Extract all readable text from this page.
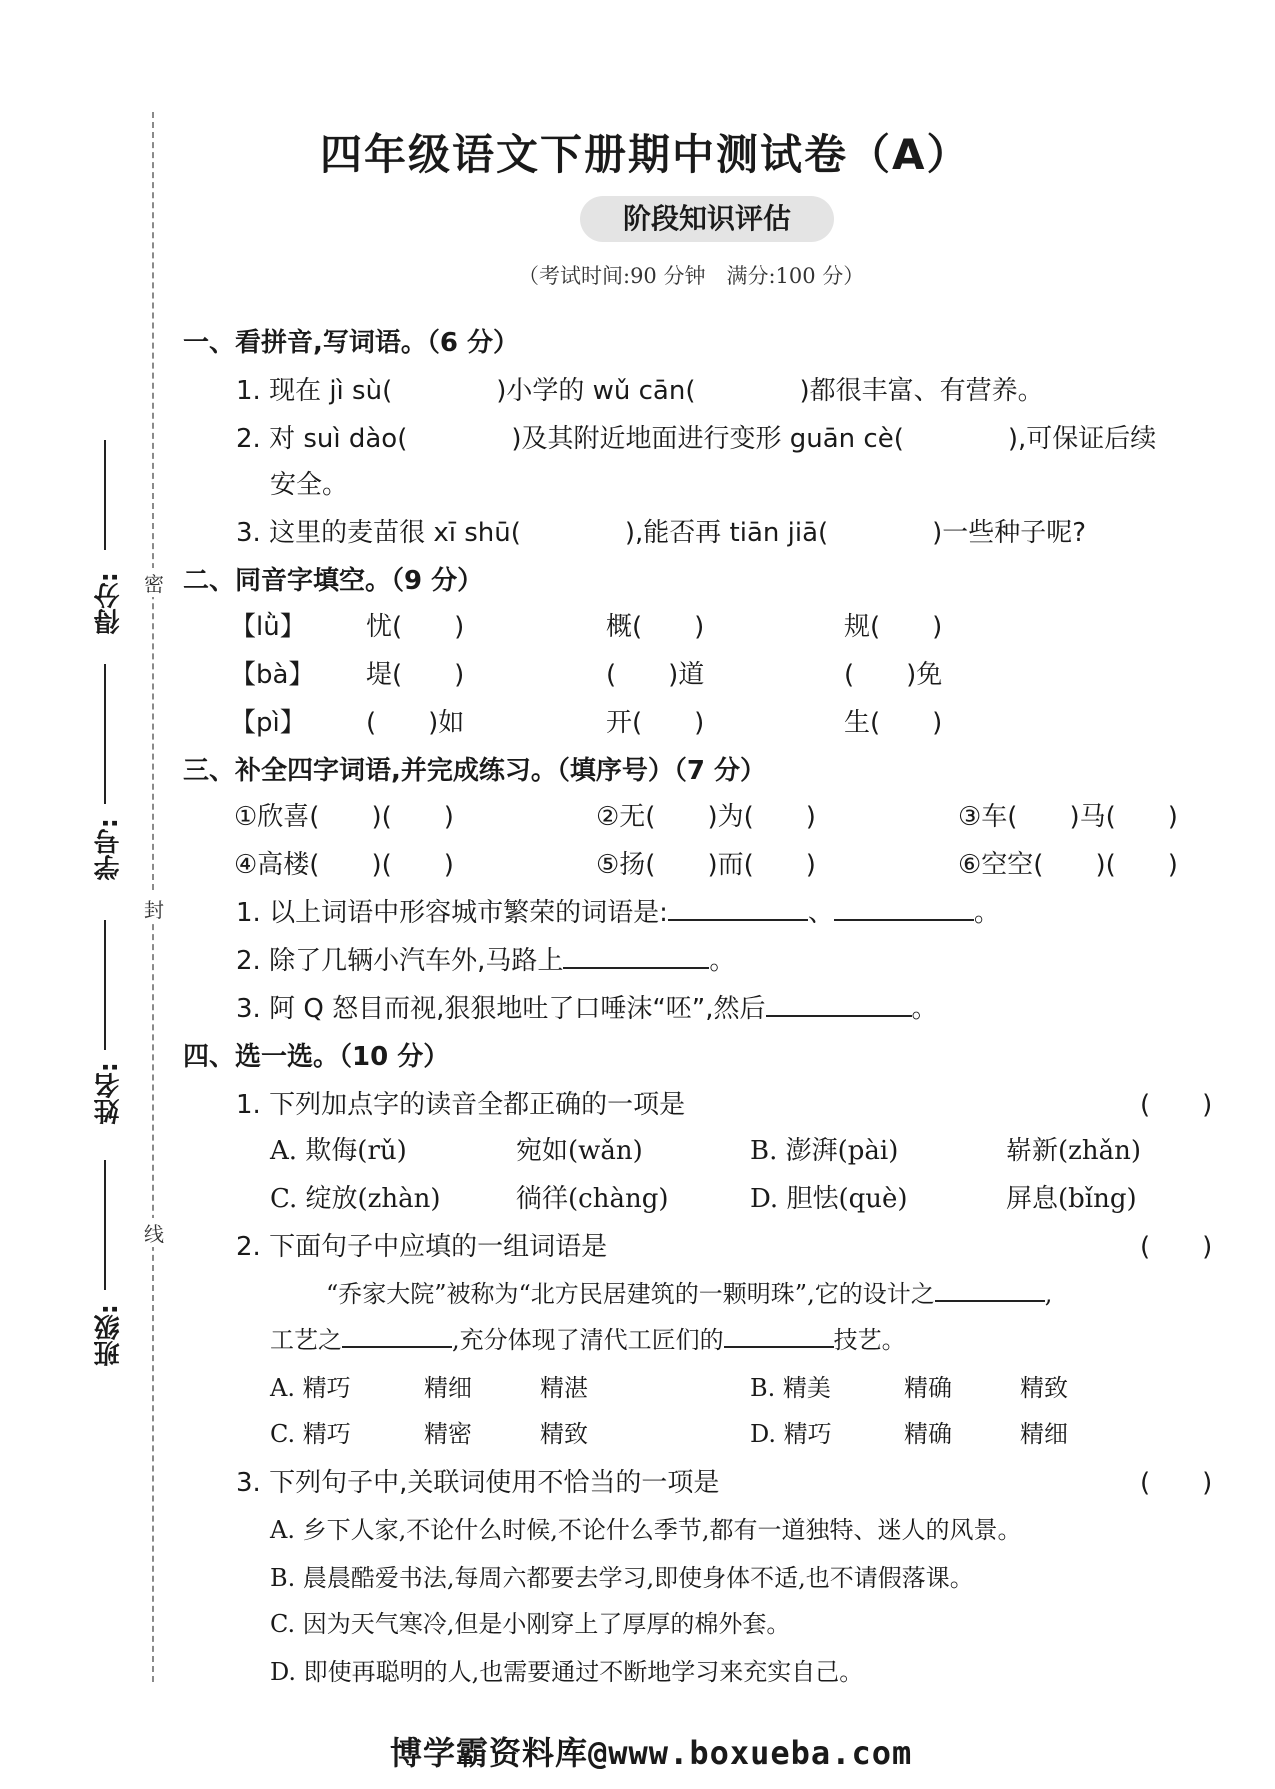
密
封
线
得分:
学号:
姓名:
班级:
四年级语文下册期中测试卷（A）
阶段知识评估
（考试时间:90 分钟　满分:100 分）
一、看拼音,写词语。（6 分）
1. 现在 jì sù(　　　　)小学的 wǔ cān(　　　　)都很丰富、有营养。
2. 对 suì dào(　　　　)及其附近地面进行变形 guān cè(　　　　),可保证后续
安全。
3. 这里的麦苗很 xī shū(　　　　),能否再 tiān jiā(　　　　)一些种子呢?
二、同音字填空。（9 分）
【lǜ】 忧(　　)	概(　　)	规(　　)
【bà】 堤(　　)	(　　)道	(　　)免
【pì】 (　　)如	开(　　)	生(　　)
三、补全四字词语,并完成练习。（填序号）（7 分）
①欣喜(　　)(　　)	②无(　　)为(　　)	③车(　　)马(　　)
④高楼(　　)(　　)	⑤扬(　　)而(　　)	⑥空空(　　)(　　)
1. 以上词语中形容城市繁荣的词语是:	、	。
2. 除了几辆小汽车外,马路上	。
3. 阿 Q 怒目而视,狠狠地吐了口唾沫“呸”,然后	。
四、选一选。（10 分）
1. 下列加点字的读音全都正确的一项是	(　　)
A. 欺侮(rǔ)	宛如(wǎn)	B. 澎湃(pài)	崭新(zhǎn)
C. 绽放(zhàn)	徜徉(chàng)	D. 胆怯(què)	屏息(bǐng)
2. 下面句子中应填的一组词语是	(　　)
“乔家大院”被称为“北方民居建筑的一颗明珠”,它的设计之	,
工艺之	,充分体现了清代工匠们的	技艺。
A. 精巧	精细	精湛	B. 精美	精确	精致
C. 精巧	精密	精致	D. 精巧	精确	精细
3. 下列句子中,关联词使用不恰当的一项是	(　　)
A. 乡下人家,不论什么时候,不论什么季节,都有一道独特、迷人的风景。
B. 晨晨酷爱书法,每周六都要去学习,即使身体不适,也不请假落课。
C. 因为天气寒冷,但是小刚穿上了厚厚的棉外套。
D. 即使再聪明的人,也需要通过不断地学习来充实自己。
博学霸资料库@www.boxueba.com
